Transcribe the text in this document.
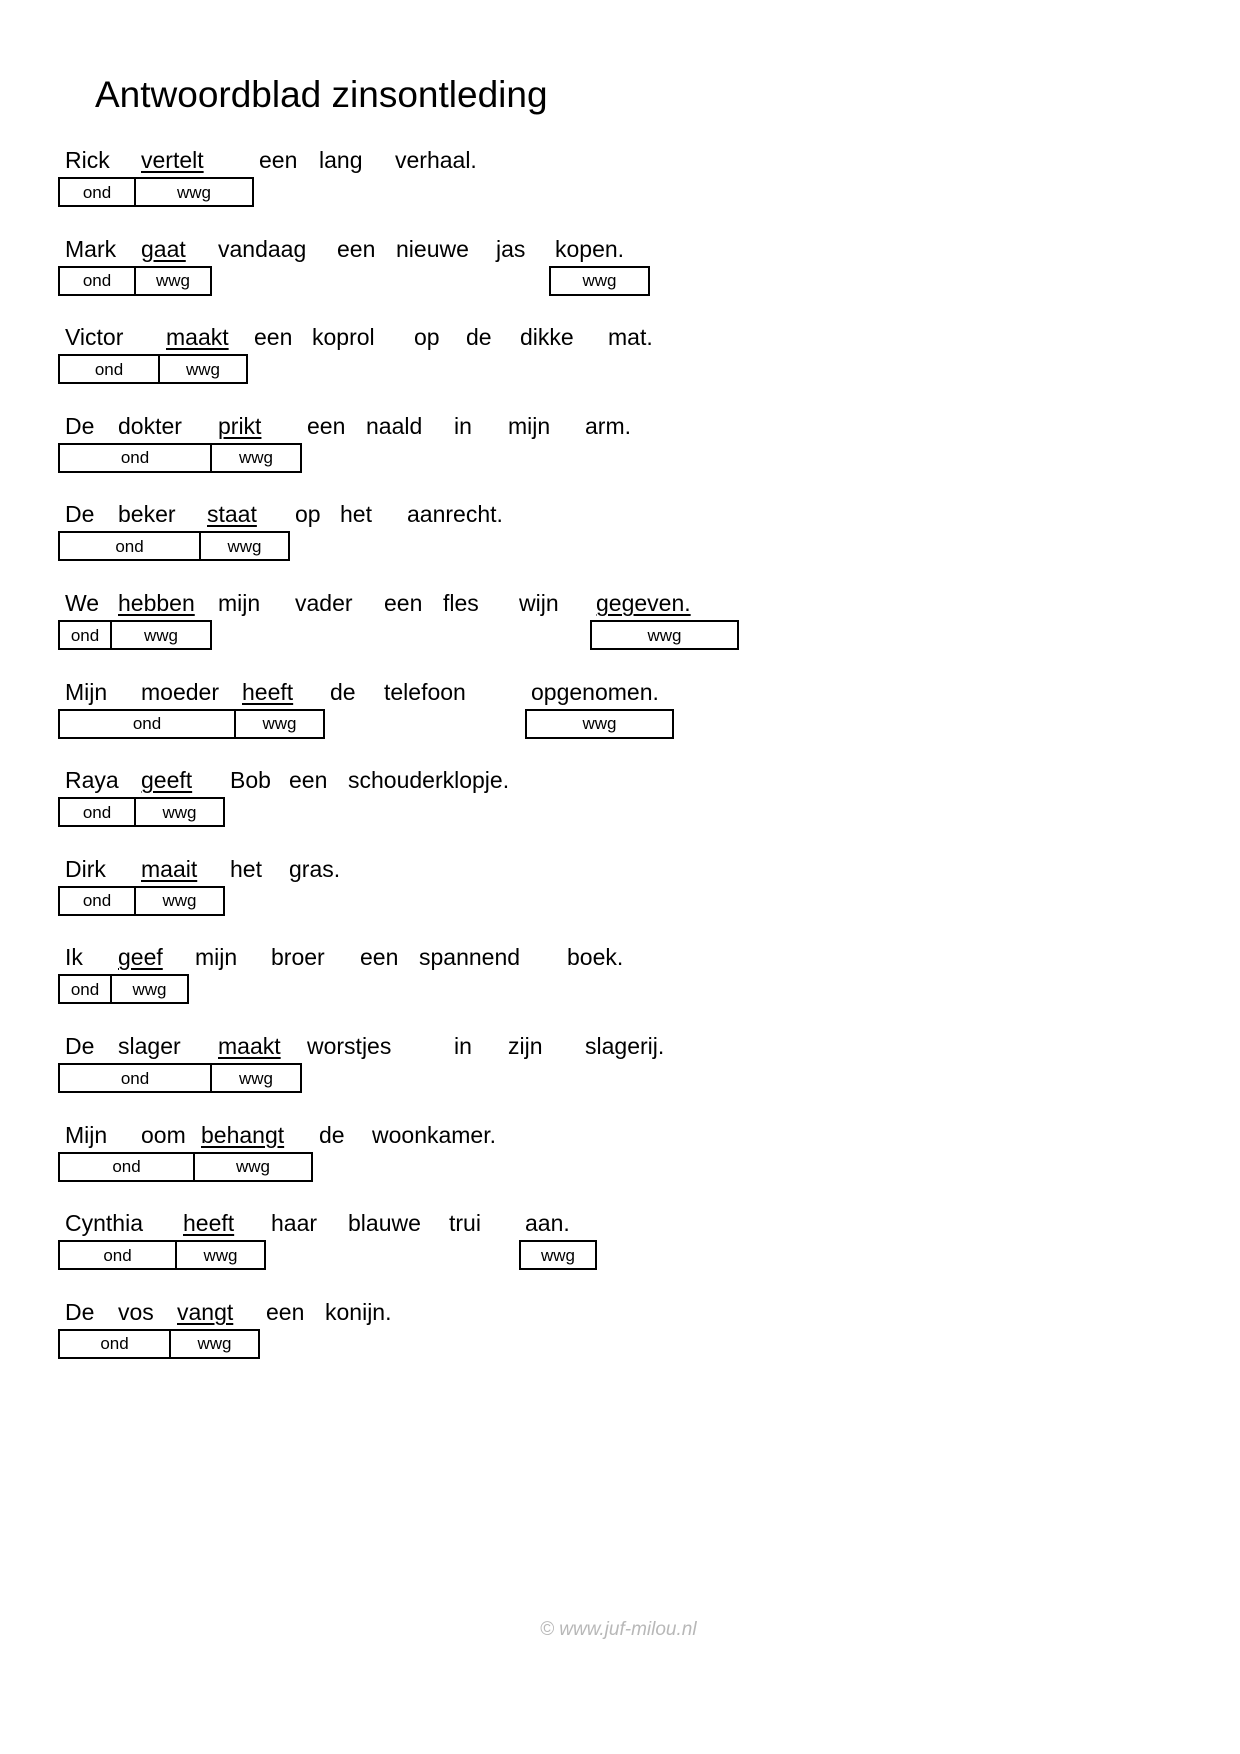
Antwoordblad zinsontleding
Rick vertelt een lang verhaal.
ond	wwg
Mark gaat vandaag een nieuwe jas kopen.
ond	wwg	wwg
Victor maakt een koprol op de dikke mat.
ond	wwg
De dokter prikt een naald in mijn arm.
ond	wwg
De beker staat op het aanrecht.
ond	wwg
We hebben mijn vader een fles wijn gegeven.
ond	wwg	wwg
Mijn moeder heeft de telefoon	opgenomen.
ond	wwg	wwg
Raya geeft Bob een schouderklopje.
ond	wwg
Dirk maait het gras.
ond	wwg
Ik geef mijn broer een spannend boek.
ond	wwg
De slager maakt worstjes	in zijn slagerij.
ond	wwg
Mijn oom behangt de woonkamer.
ond	wwg
Cynthia heeft haar blauwe trui aan.
ond	wwg	wwg
De vos vangt een konijn.
ond	wwg
© www.juf-milou.nl
